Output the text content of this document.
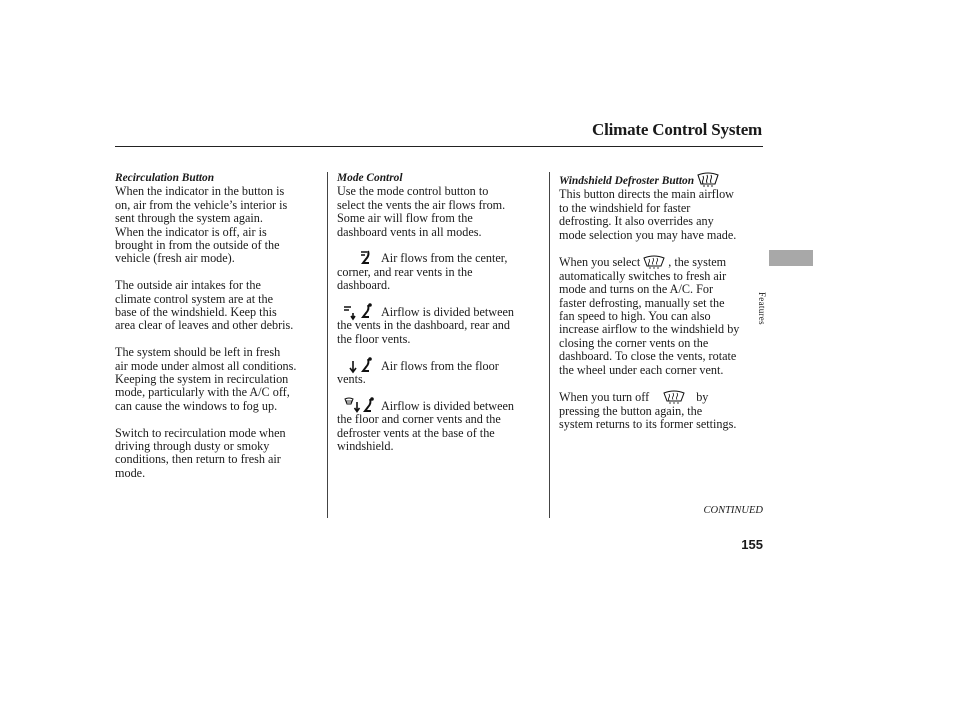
Climate Control System
Recirculation Button

When the indicator in the button is
on, air from the vehicle’s interior is
sent through the system again.
When the indicator is off, air is
brought in from the outside of the
vehicle (fresh air mode).

The outside air intakes for the
climate control system are at the
base of the windshield. Keep this
area clear of leaves and other debris.

The system should be left in fresh
air mode under almost all conditions.
Keeping the system in recirculation
mode, particularly with the A/C off,
can cause the windows to fog up.

Switch to recirculation mode when
driving through dusty or smoky
conditions, then return to fresh air
mode.

Mode Control

Use the mode control button to
select the vents the air flows from.
Some air will flow from the
dashboard vents in all modes.

Air flows from the center,
corner, and rear vents in the
dashboard.
Airflow is divided between
the vents in the dashboard, rear and
the floor vents.
Air flows from the floor
vents.
Airflow is divided between
the floor and corner vents and the
defroster vents at the base of the
windshield.
Windshield Defroster Button

This button directs the main airflow
to the windshield for faster
defrosting. It also overrides any
mode selection you may have made.

When you select , the system
automatically switches to fresh air
mode and turns on the A/C. For
faster defrosting, manually set the
fan speed to high. You can also
increase airflow to the windshield by
closing the corner vents on the
dashboard. To close the vents, rotate
the wheel under each corner vent.

When you turn off	by
pressing the button again, the
system returns to its former settings.

Features
CONTINUED
155
